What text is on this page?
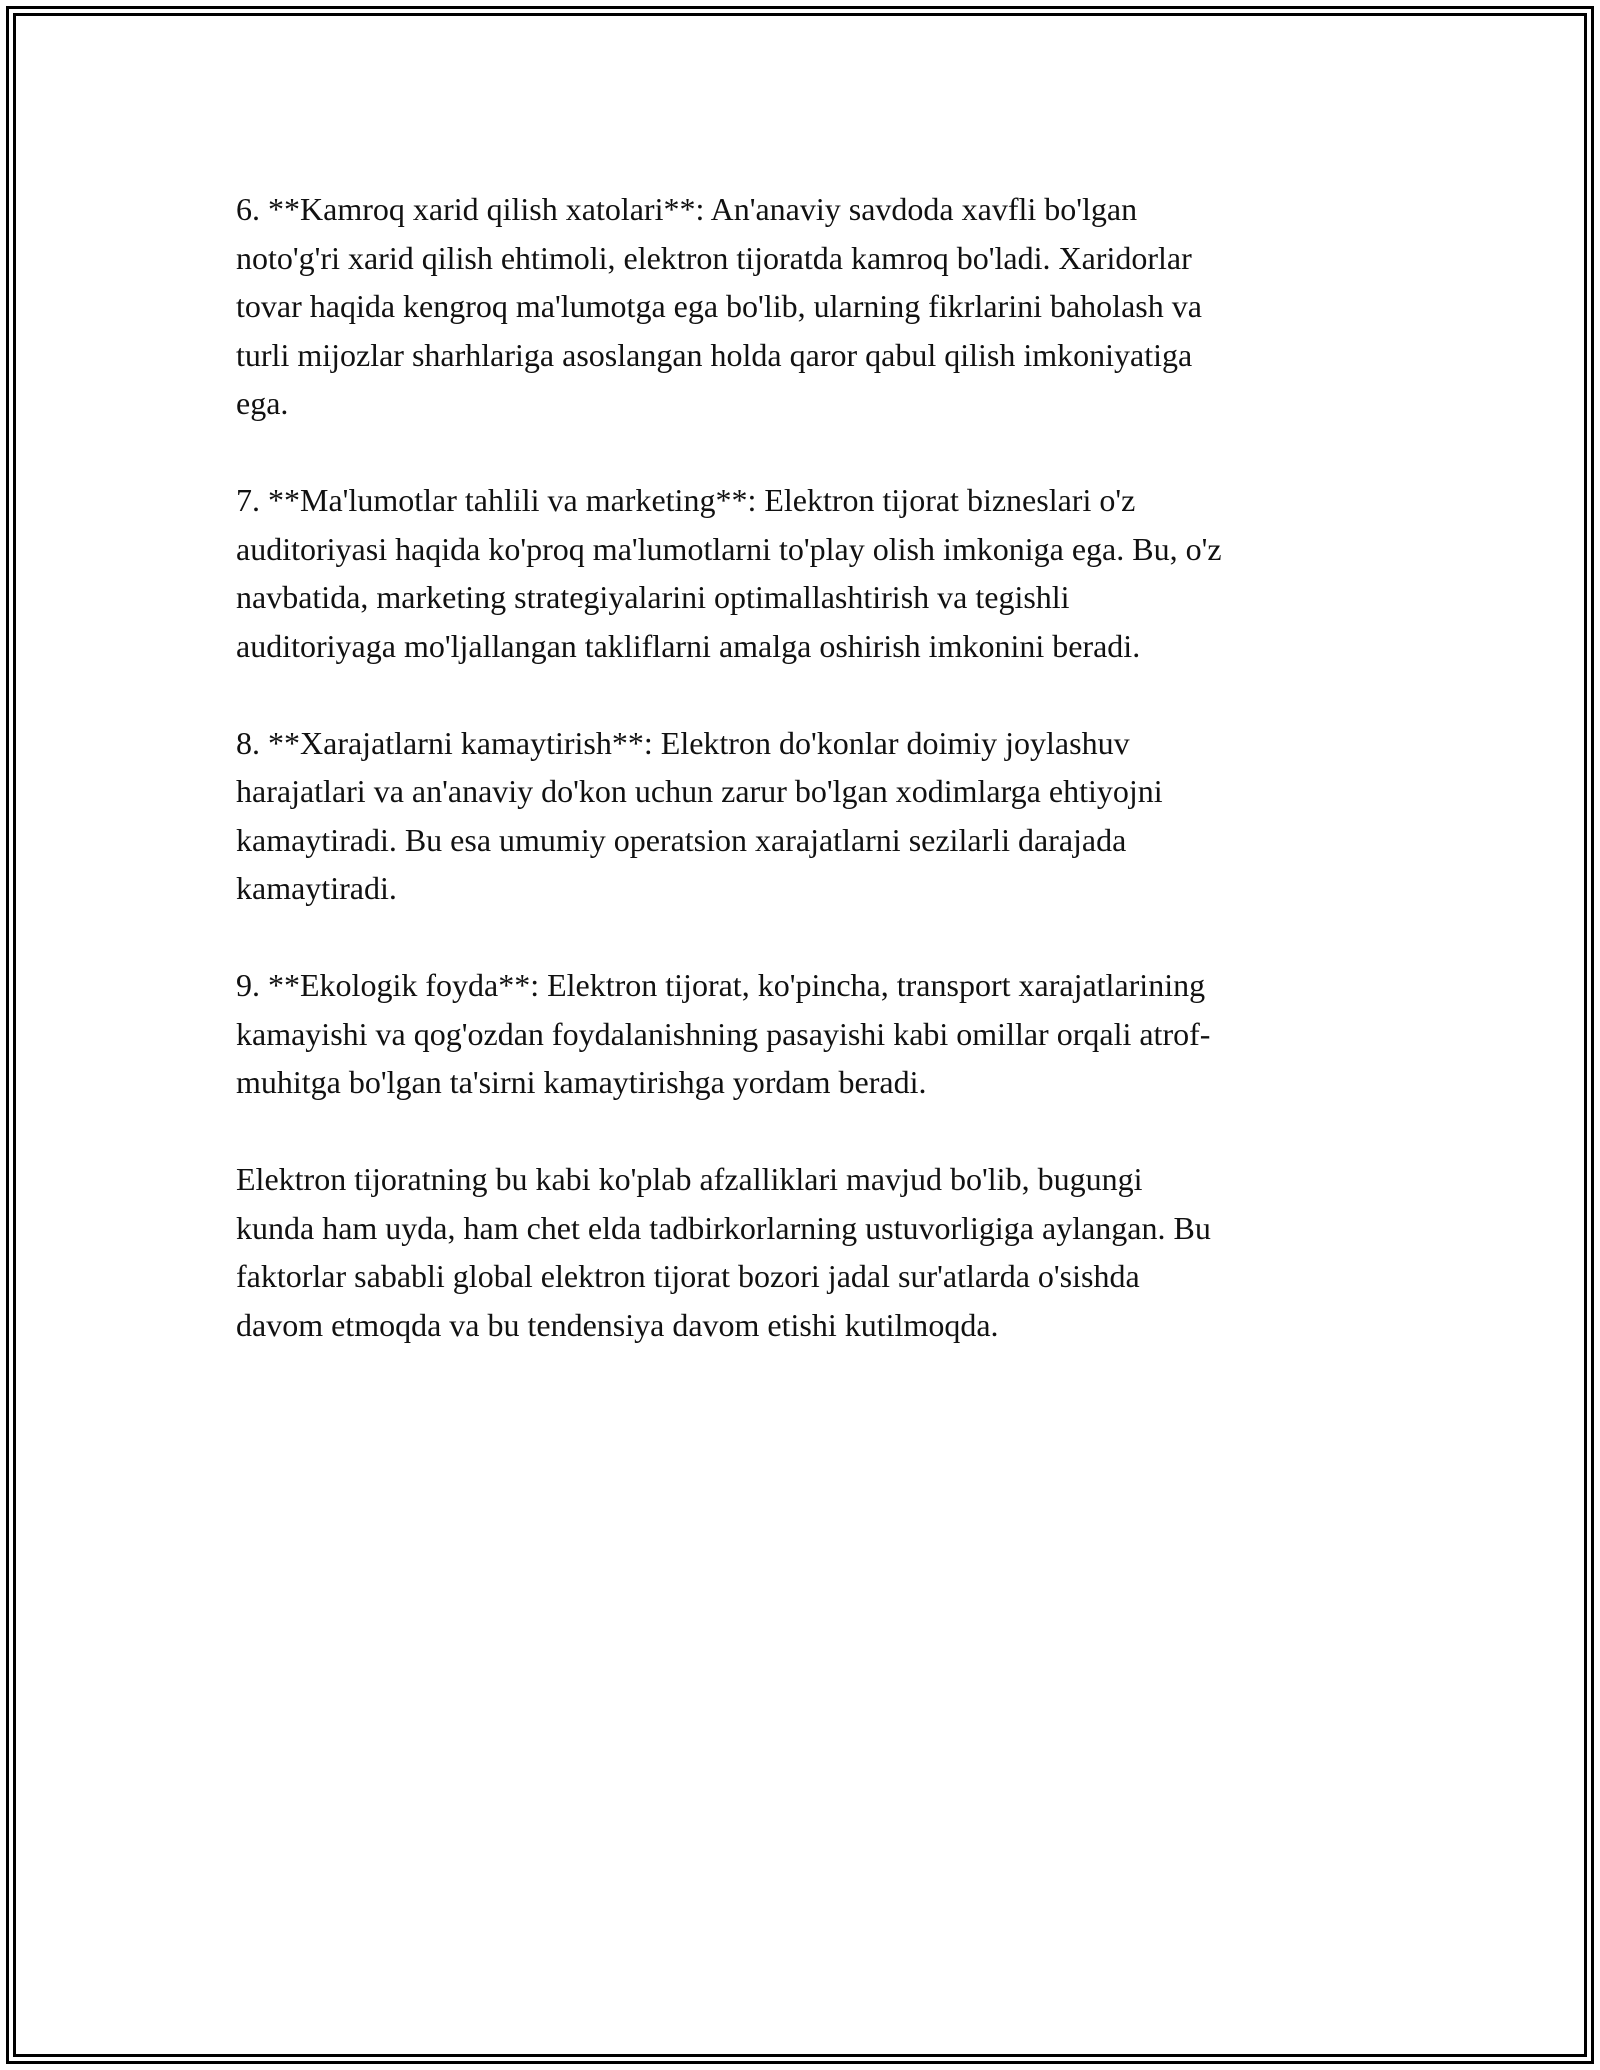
6. **Kamroq xarid qilish xatolari**: An'anaviy savdoda xavfli bo'lgan
noto'g'ri xarid qilish ehtimoli, elektron tijoratda kamroq bo'ladi. Xaridorlar
tovar haqida kengroq ma'lumotga ega bo'lib, ularning fikrlarini baholash va
turli mijozlar sharhlariga asoslangan holda qaror qabul qilish imkoniyatiga
ega.

7. **Ma'lumotlar tahlili va marketing**: Elektron tijorat bizneslari o'z
auditoriyasi haqida ko'proq ma'lumotlarni to'play olish imkoniga ega. Bu, o'z
navbatida, marketing strategiyalarini optimallashtirish va tegishli
auditoriyaga mo'ljallangan takliflarni amalga oshirish imkonini beradi.

8. **Xarajatlarni kamaytirish**: Elektron do'konlar doimiy joylashuv
harajatlari va an'anaviy do'kon uchun zarur bo'lgan xodimlarga ehtiyojni
kamaytiradi. Bu esa umumiy operatsion xarajatlarni sezilarli darajada
kamaytiradi.

9. **Ekologik foyda**: Elektron tijorat, ko'pincha, transport xarajatlarining
kamayishi va qog'ozdan foydalanishning pasayishi kabi omillar orqali atrof-
muhitga bo'lgan ta'sirni kamaytirishga yordam beradi.

Elektron tijoratning bu kabi ko'plab afzalliklari mavjud bo'lib, bugungi
kunda ham uyda, ham chet elda tadbirkorlarning ustuvorligiga aylangan. Bu
faktorlar sababli global elektron tijorat bozori jadal sur'atlarda o'sishda
davom etmoqda va bu tendensiya davom etishi kutilmoqda.
